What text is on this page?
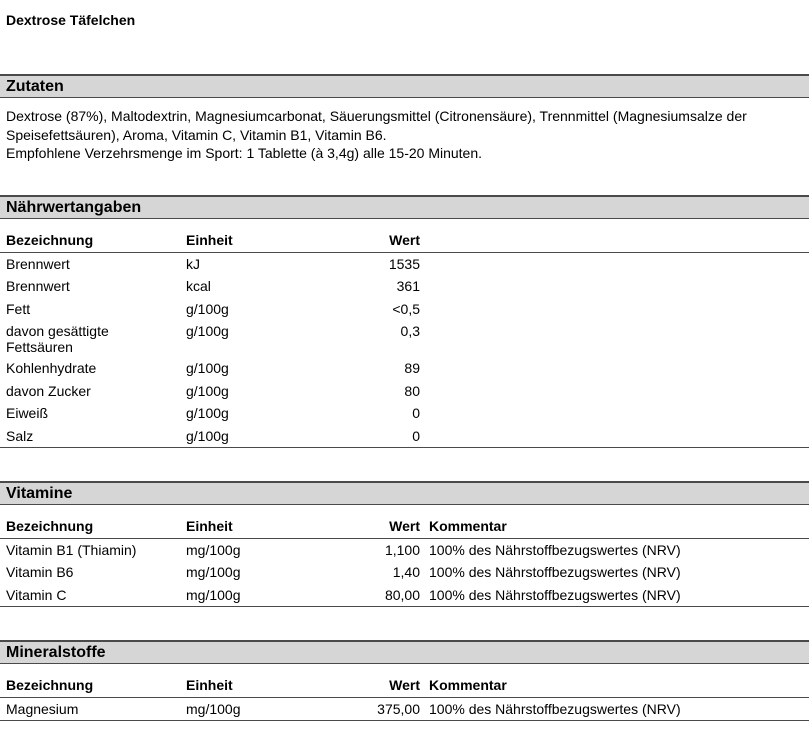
Dextrose Täfelchen
Zutaten
Dextrose (87%), Maltodextrin, Magnesiumcarbonat, Säuerungsmittel (Citronensäure), Trennmittel (Magnesiumsalze der Speisefettsäuren), Aroma, Vitamin C, Vitamin B1, Vitamin B6.
Empfohlene Verzehrsmenge im Sport: 1 Tablette (à 3,4g) alle 15-20 Minuten.
Nährwertangaben
Bezeichnung	Einheit	Wert	
Brennwert	kJ	1535	
Brennwert	kcal	361	
Fett	g/100g	<0,5	
davon gesättigte Fettsäuren	g/100g	0,3	
Kohlenhydrate	g/100g	89	
davon Zucker	g/100g	80	
Eiweiß	g/100g	0	
Salz	g/100g	0	
Vitamine
Bezeichnung	Einheit	Wert	Kommentar
Vitamin B1 (Thiamin)	mg/100g	1,100	100% des Nährstoffbezugswertes (NRV)
Vitamin B6	mg/100g	1,40	100% des Nährstoffbezugswertes (NRV)
Vitamin C	mg/100g	80,00	100% des Nährstoffbezugswertes (NRV)
Mineralstoffe
Bezeichnung	Einheit	Wert	Kommentar
Magnesium	mg/100g	375,00	100% des Nährstoffbezugswertes (NRV)
